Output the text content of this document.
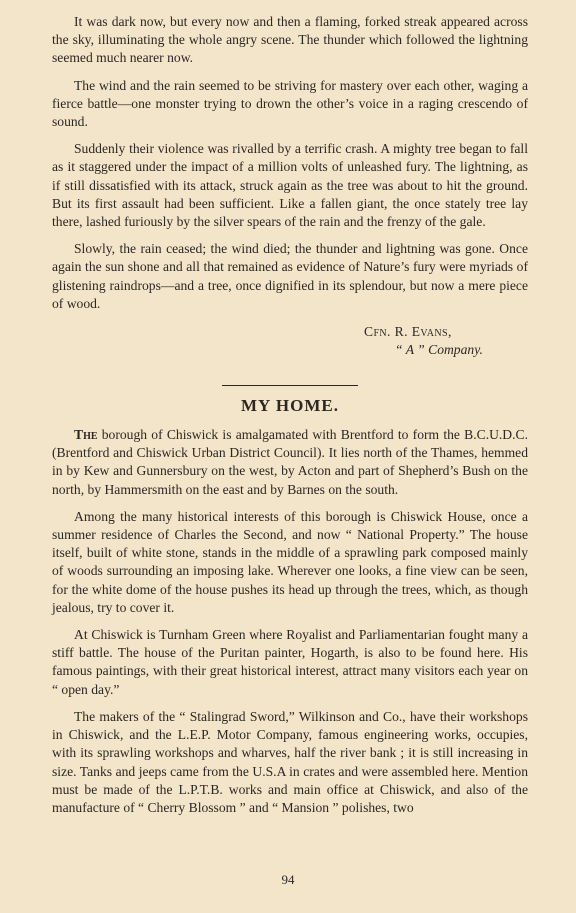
It was dark now, but every now and then a flaming, forked streak appeared across the sky, illuminating the whole angry scene. The thunder which followed the lightning seemed much nearer now.

The wind and the rain seemed to be striving for mastery over each other, waging a fierce battle—one monster trying to drown the other’s voice in a raging crescendo of sound.

Suddenly their violence was rivalled by a terrific crash. A mighty tree began to fall as it staggered under the impact of a million volts of unleashed fury. The lightning, as if still dissatisfied with its attack, struck again as the tree was about to hit the ground. But its first assault had been sufficient. Like a fallen giant, the once stately tree lay there, lashed furiously by the silver spears of the rain and the frenzy of the gale.

Slowly, the rain ceased; the wind died; the thunder and lightning was gone. Once again the sun shone and all that remained as evidence of Nature’s fury were myriads of glistening raindrops—and a tree, once dignified in its splendour, but now a mere piece of wood.

Cfn. R. Evans,
“ A ” Company.
MY HOME.

The borough of Chiswick is amalgamated with Brentford to form the B.C.U.D.C. (Brentford and Chiswick Urban District Council). It lies north of the Thames, hemmed in by Kew and Gunnersbury on the west, by Acton and part of Shepherd’s Bush on the north, by Hammersmith on the east and by Barnes on the south.

Among the many historical interests of this borough is Chiswick House, once a summer residence of Charles the Second, and now “ National Property.” The house itself, built of white stone, stands in the middle of a sprawling park composed mainly of woods surrounding an imposing lake. Wherever one looks, a fine view can be seen, for the white dome of the house pushes its head up through the trees, which, as though jealous, try to cover it.

At Chiswick is Turnham Green where Royalist and Parliamentarian fought many a stiff battle. The house of the Puritan painter, Hogarth, is also to be found here. His famous paintings, with their great historical interest, attract many visitors each year on “ open day.”

The makers of the “ Stalingrad Sword,” Wilkinson and Co., have their workshops in Chiswick, and the L.E.P. Motor Company, famous engineering works, occupies, with its sprawling workshops and wharves, half the river bank ; it is still increasing in size. Tanks and jeeps came from the U.S.A in crates and were assembled here. Mention must be made of the L.P.T.B. works and main office at Chiswick, and also of the manufacture of “ Cherry Blossom ” and “ Mansion ” polishes, two

94
